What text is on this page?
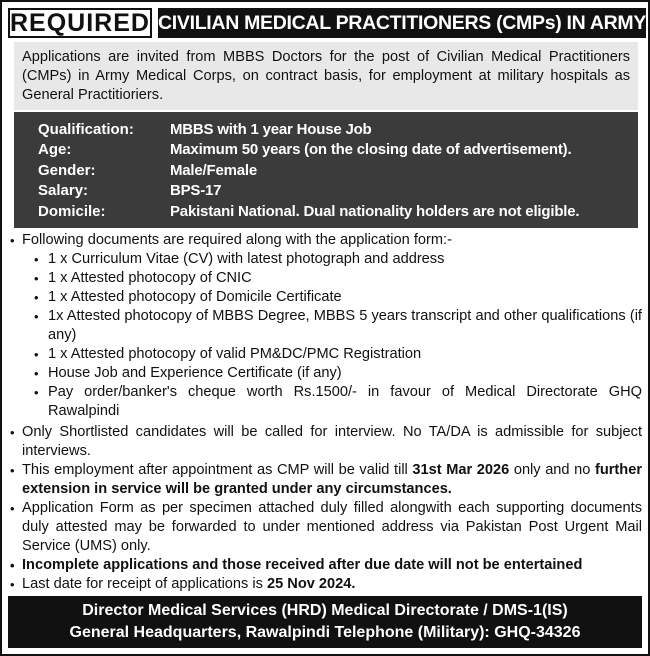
REQUIRED CIVILIAN MEDICAL PRACTITIONERS (CMPs) IN ARMY
Applications are invited from MBBS Doctors for the post of Civilian Medical Practitioners (CMPs) in Army Medical Corps, on contract basis, for employment at military hospitals as General Practitioriers.
Qualification:	MBBS with 1 year House Job
Age:	Maximum 50 years (on the closing date of advertisement).
Gender:	Male/Female
Salary:	BPS-17
Domicile:	Pakistani National. Dual nationality holders are not eligible.
• Following documents are required along with the application form:-
• 1 x Curriculum Vitae (CV) with latest photograph and address
• 1 x Attested photocopy of CNIC
• 1 x Attested photocopy of Domicile Certificate
• 1x Attested photocopy of MBBS Degree, MBBS 5 years transcript and other qualifications (if any)
• 1 x Attested photocopy of valid PM&DC/PMC Registration
• House Job and Experience Certificate (if any)
• Pay order/banker's cheque worth Rs.1500/- in favour of Medical Directorate GHQ Rawalpindi
• Only Shortlisted candidates will be called for interview. No TA/DA is admissible for subject interviews.
• This employment after appointment as CMP will be valid till 31st Mar 2026 only and no further extension in service will be granted under any circumstances.
• Application Form as per specimen attached duly filled alongwith each supporting documents duly attested may be forwarded to under mentioned address via Pakistan Post Urgent Mail Service (UMS) only.
• Incomplete applications and those received after due date will not be entertained
• Last date for receipt of applications is 25 Nov 2024.
Director Medical Services (HRD) Medical Directorate / DMS-1(IS)
General Headquarters, Rawalpindi Telephone (Military): GHQ-34326
